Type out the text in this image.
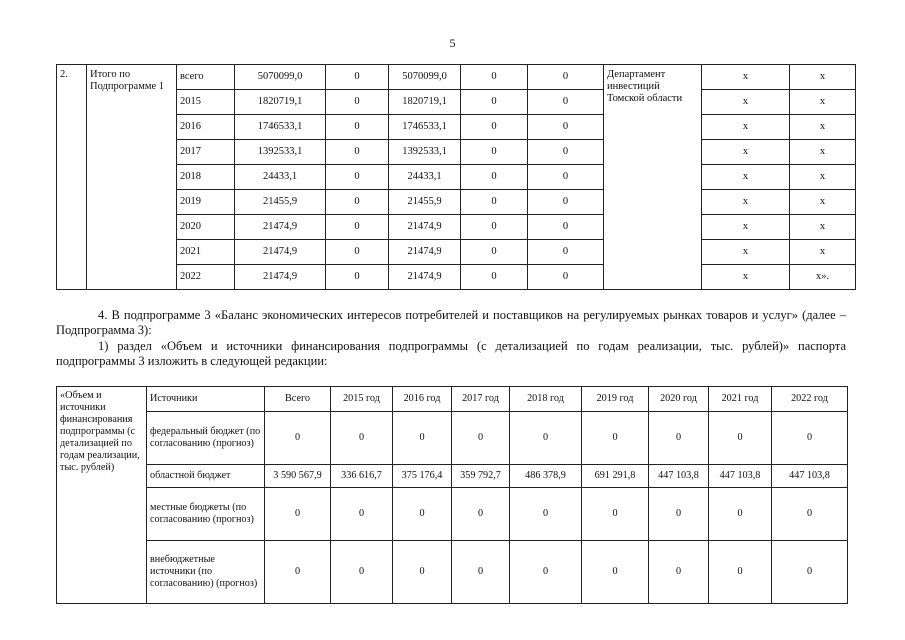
5
2.	Итого по Подпрограмме 1	всего	5070099,0	0	5070099,0	0	0	Департамент инвестиций Томской области	х	х
		2015	1820719,1	0	1820719,1	0	0		х	х
		2016	1746533,1	0	1746533,1	0	0		х	х
		2017	1392533,1	0	1392533,1	0	0		х	х
		2018	24433,1	0	24433,1	0	0		х	х
		2019	21455,9	0	21455,9	0	0		х	х
		2020	21474,9	0	21474,9	0	0		х	х
		2021	21474,9	0	21474,9	0	0		х	х
		2022	21474,9	0	21474,9	0	0		х	х».
4. В подпрограмме 3 «Баланс экономических интересов потребителей и поставщиков на регулируемых рынках товаров и услуг» (далее – Подпрограмма 3):
1) раздел «Объем и источники финансирования подпрограммы (с детализацией по годам реализации, тыс. рублей)» паспорта подпрограммы 3 изложить в следующей редакции:
«Объем и источники финансирования подпрограммы (с детализацией по годам реализации, тыс. рублей)	Источники	Всего	2015 год	2016 год	2017 год	2018 год	2019 год	2020 год	2021 год	2022 год
	федеральный бюджет (по согласованию (прогноз)	0	0	0	0	0	0	0	0	0
	областной бюджет	3 590 567,9	336 616,7	375 176,4	359 792,7	486 378,9	691 291,8	447 103,8	447 103,8	447 103,8
	местные бюджеты (по согласованию (прогноз)	0	0	0	0	0	0	0	0	0
	внебюджетные источники (по согласованию) (прогноз)	0	0	0	0	0	0	0	0	0
